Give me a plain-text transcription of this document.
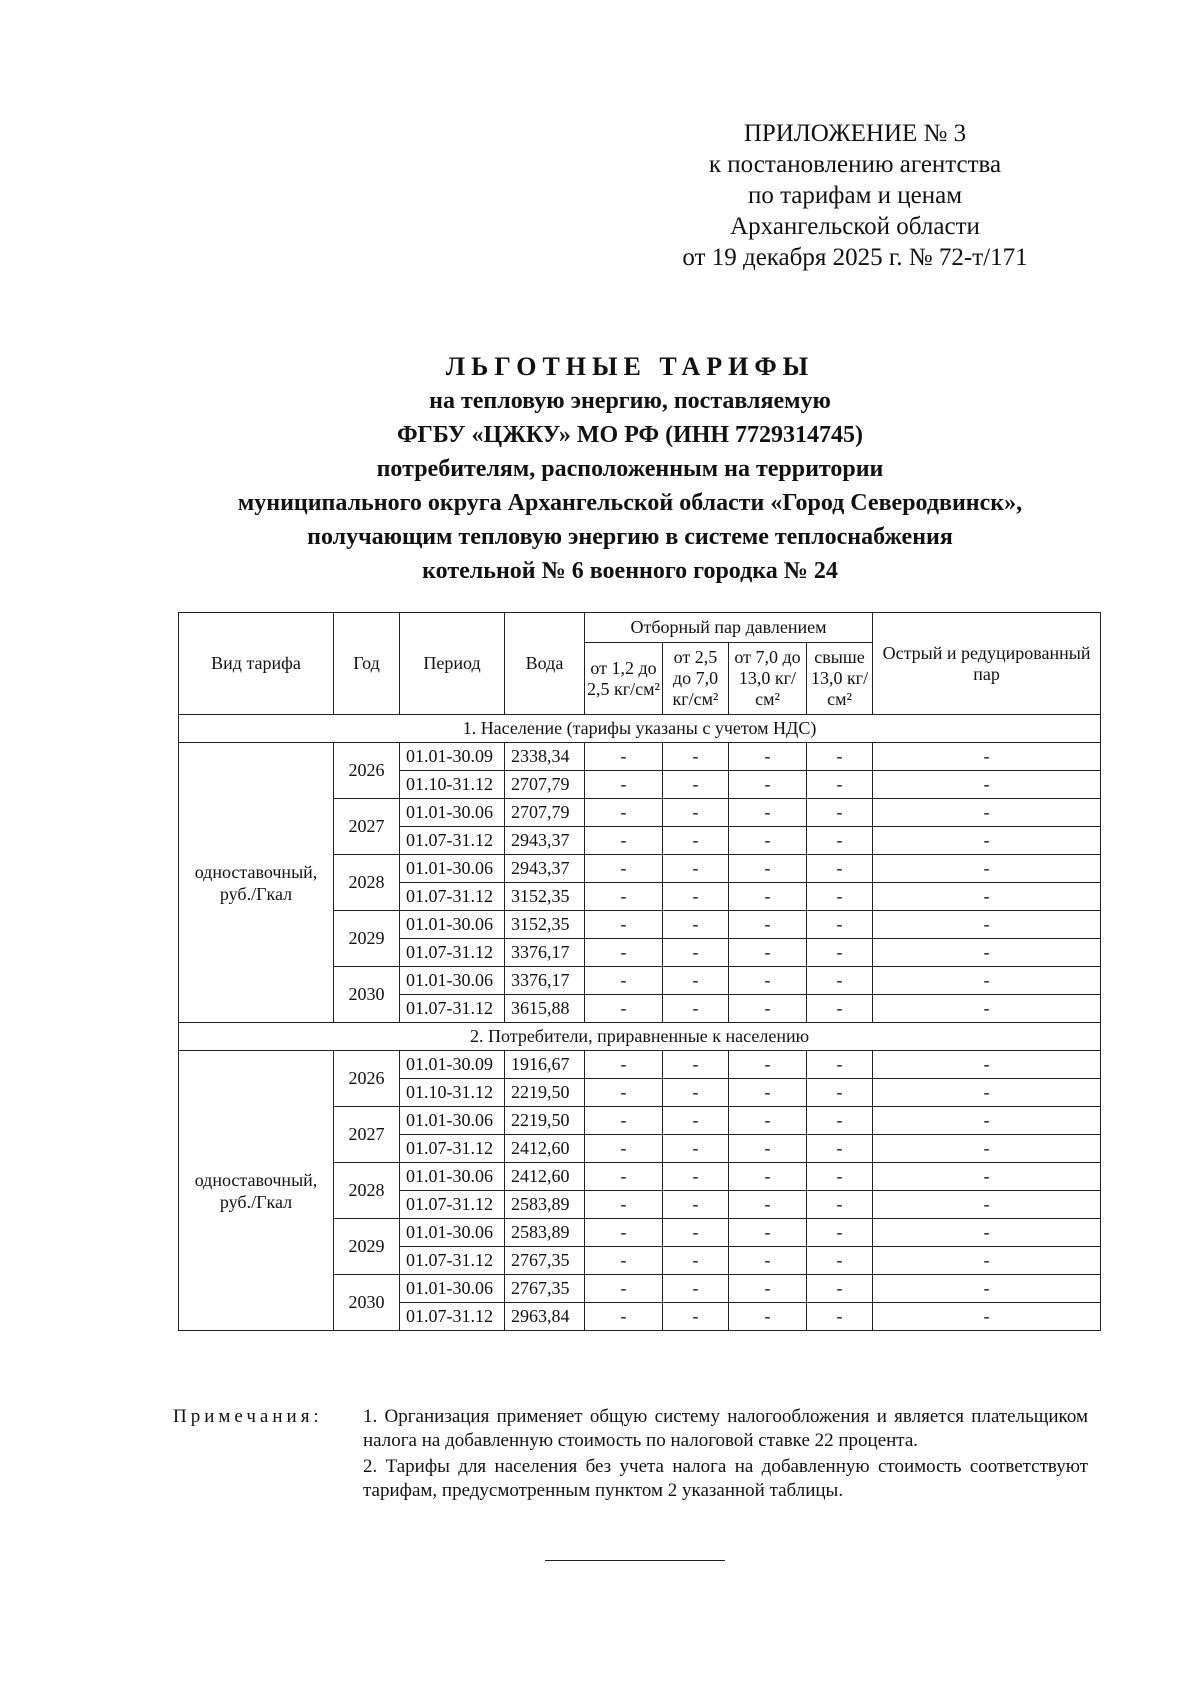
ПРИЛОЖЕНИЕ № 3
к постановлению агентства
по тарифам и ценам
Архангельской области
от 19 декабря 2025 г. № 72-т/171
ЛЬГОТНЫЕ ТАРИФЫ
на тепловую энергию, поставляемую
ФГБУ «ЦЖКУ» МО РФ (ИНН 7729314745)
потребителям, расположенным на территории
муниципального округа Архангельской области «Город Северодвинск»,
получающим тепловую энергию в системе теплоснабжения
котельной № 6 военного городка № 24
Вид тарифа	Год	Период	Вода	Отборный пар давлением				Острый и редуцированный пар
				от 1,2 до 2,5 кг/см²	от 2,5 до 7,0 кг/см²	от 7,0 до 13,0 кг/см²	свыше 13,0 кг/см²	
1. Население (тарифы указаны с учетом НДС)								
одноставочный, руб./Гкал	2026	01.01-30.09	2338,34	-	-	-	-	-
		01.10-31.12	2707,79	-	-	-	-	-
	2027	01.01-30.06	2707,79	-	-	-	-	-
		01.07-31.12	2943,37	-	-	-	-	-
	2028	01.01-30.06	2943,37	-	-	-	-	-
		01.07-31.12	3152,35	-	-	-	-	-
	2029	01.01-30.06	3152,35	-	-	-	-	-
		01.07-31.12	3376,17	-	-	-	-	-
	2030	01.01-30.06	3376,17	-	-	-	-	-
		01.07-31.12	3615,88	-	-	-	-	-
2. Потребители, приравненные к населению								
одноставочный, руб./Гкал	2026	01.01-30.09	1916,67	-	-	-	-	-
		01.10-31.12	2219,50	-	-	-	-	-
	2027	01.01-30.06	2219,50	-	-	-	-	-
		01.07-31.12	2412,60	-	-	-	-	-
	2028	01.01-30.06	2412,60	-	-	-	-	-
		01.07-31.12	2583,89	-	-	-	-	-
	2029	01.01-30.06	2583,89	-	-	-	-	-
		01.07-31.12	2767,35	-	-	-	-	-
	2030	01.01-30.06	2767,35	-	-	-	-	-
		01.07-31.12	2963,84	-	-	-	-	-
Примечания: 1. Организация применяет общую систему налогообложения и является плательщиком налога на добавленную стоимость по налоговой ставке 22 процента.

2. Тарифы для населения без учета налога на добавленную стоимость соответствуют тарифам, предусмотренным пунктом 2 указанной таблицы.
